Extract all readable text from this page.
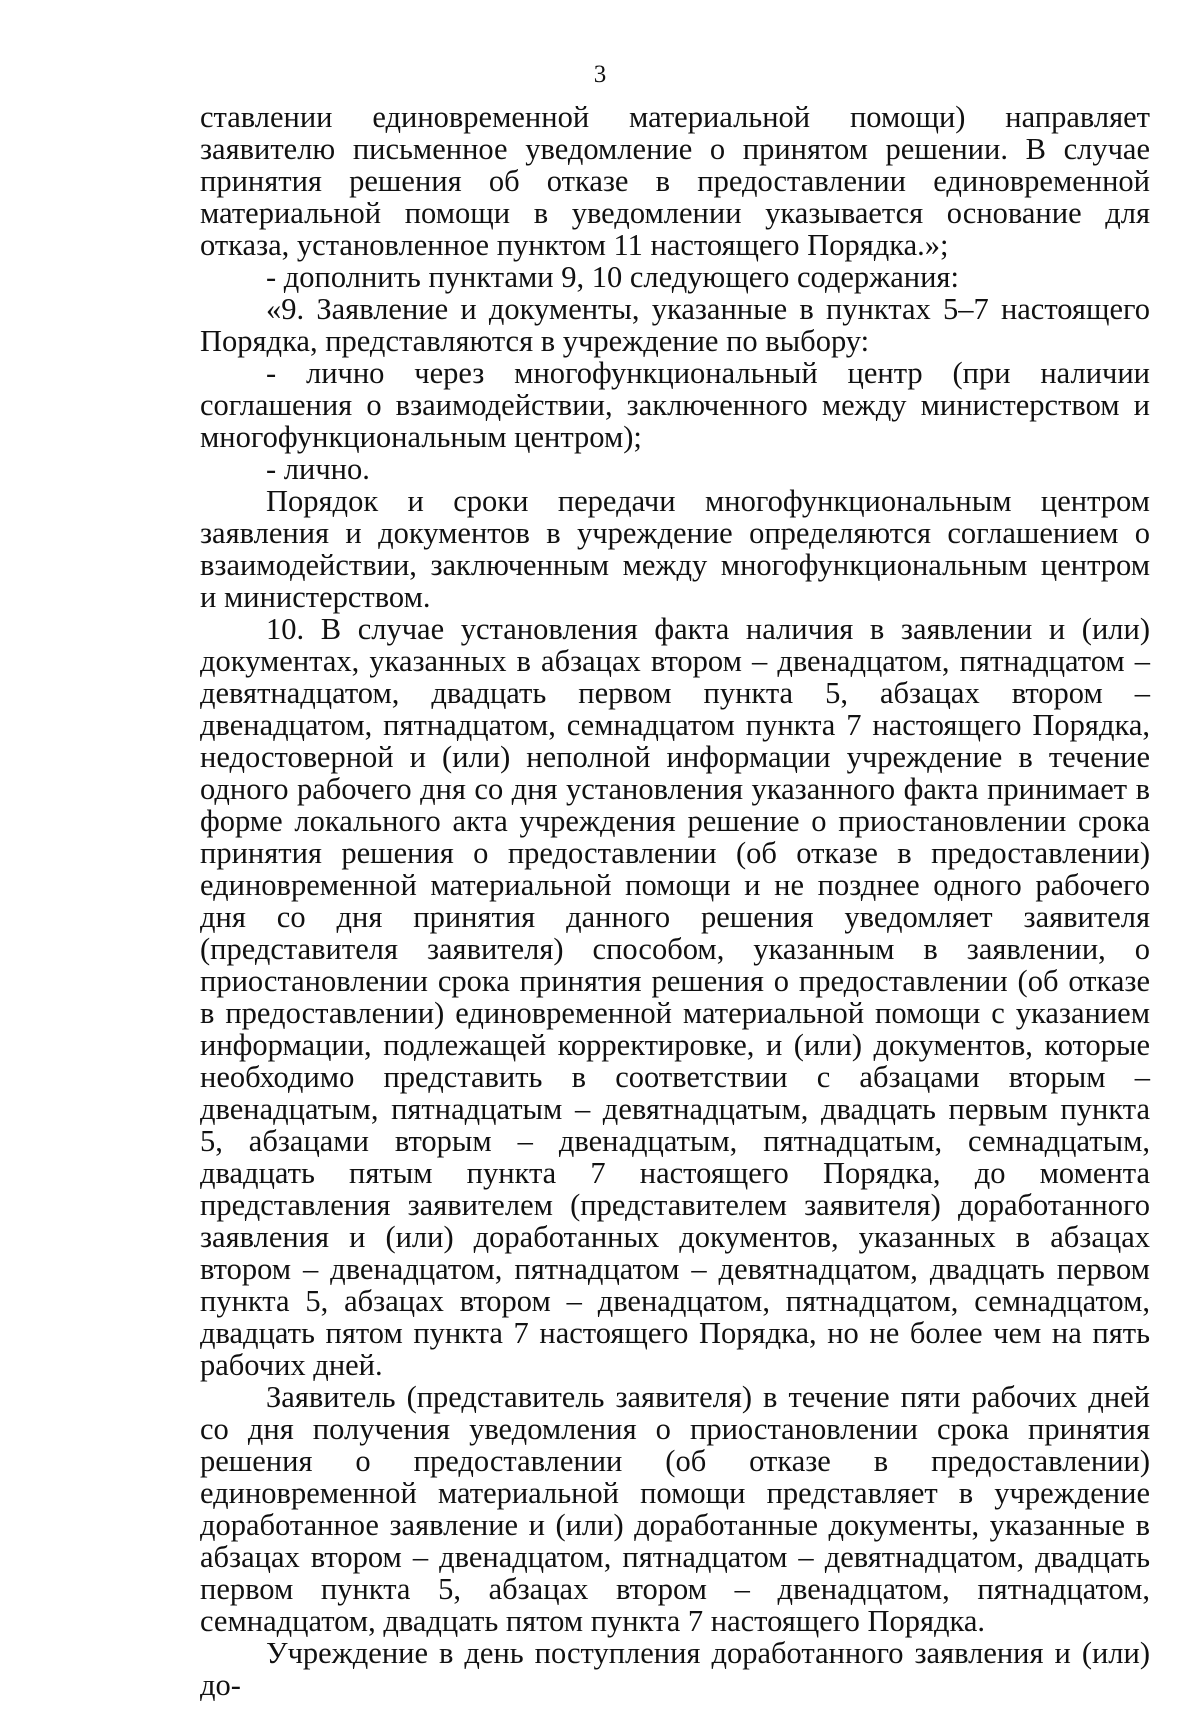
3

ставлении единовременной материальной помощи) направляет заявителю письменное уведомление о принятом решении. В случае принятия решения об отказе в предоставлении единовременной материальной помощи в уведомлении указывается основание для отказа, установленное пунктом 11 настоящего Порядка.»;

- дополнить пунктами 9, 10 следующего содержания:

«9. Заявление и документы, указанные в пунктах 5–7 настоящего Порядка, представляются в учреждение по выбору:

- лично через многофункциональный центр (при наличии соглашения о взаимодействии, заключенного между министерством и многофункциональным центром);

- лично.

Порядок и сроки передачи многофункциональным центром заявления и документов в учреждение определяются соглашением о взаимодействии, заключенным между многофункциональным центром и министерством.

10. В случае установления факта наличия в заявлении и (или) документах, указанных в абзацах втором – двенадцатом, пятнадцатом – девятнадцатом, двадцать первом пункта 5, абзацах втором – двенадцатом, пятнадцатом, семнадцатом пункта 7 настоящего Порядка, недостоверной и (или) неполной информации учреждение в течение одного рабочего дня со дня установления указанного факта принимает в форме локального акта учреждения решение о приостановлении срока принятия решения о предоставлении (об отказе в предоставлении) единовременной материальной помощи и не позднее одного рабочего дня со дня принятия данного решения уведомляет заявителя (представителя заявителя) способом, указанным в заявлении, о приостановлении срока принятия решения о предоставлении (об отказе в предоставлении) единовременной материальной помощи с указанием информации, подлежащей корректировке, и (или) документов, которые необходимо представить в соответствии с абзацами вторым – двенадцатым, пятнадцатым – девятнадцатым, двадцать первым пункта 5, абзацами вторым – двенадцатым, пятнадцатым, семнадцатым, двадцать пятым пункта 7 настоящего Порядка, до момента представления заявителем (представителем заявителя) доработанного заявления и (или) доработанных документов, указанных в абзацах втором – двенадцатом, пятнадцатом – девятнадцатом, двадцать первом пункта 5, абзацах втором – двенадцатом, пятнадцатом, семнадцатом, двадцать пятом пункта 7 настоящего Порядка, но не более чем на пять рабочих дней.

Заявитель (представитель заявителя) в течение пяти рабочих дней со дня получения уведомления о приостановлении срока принятия решения о предоставлении (об отказе в предоставлении) единовременной материальной помощи представляет в учреждение доработанное заявление и (или) доработанные документы, указанные в абзацах втором – двенадцатом, пятнадцатом – девятнадцатом, двадцать первом пункта 5, абзацах втором – двенадцатом, пятнадцатом, семнадцатом, двадцать пятом пункта 7 настоящего Порядка.

Учреждение в день поступления доработанного заявления и (или) до-
